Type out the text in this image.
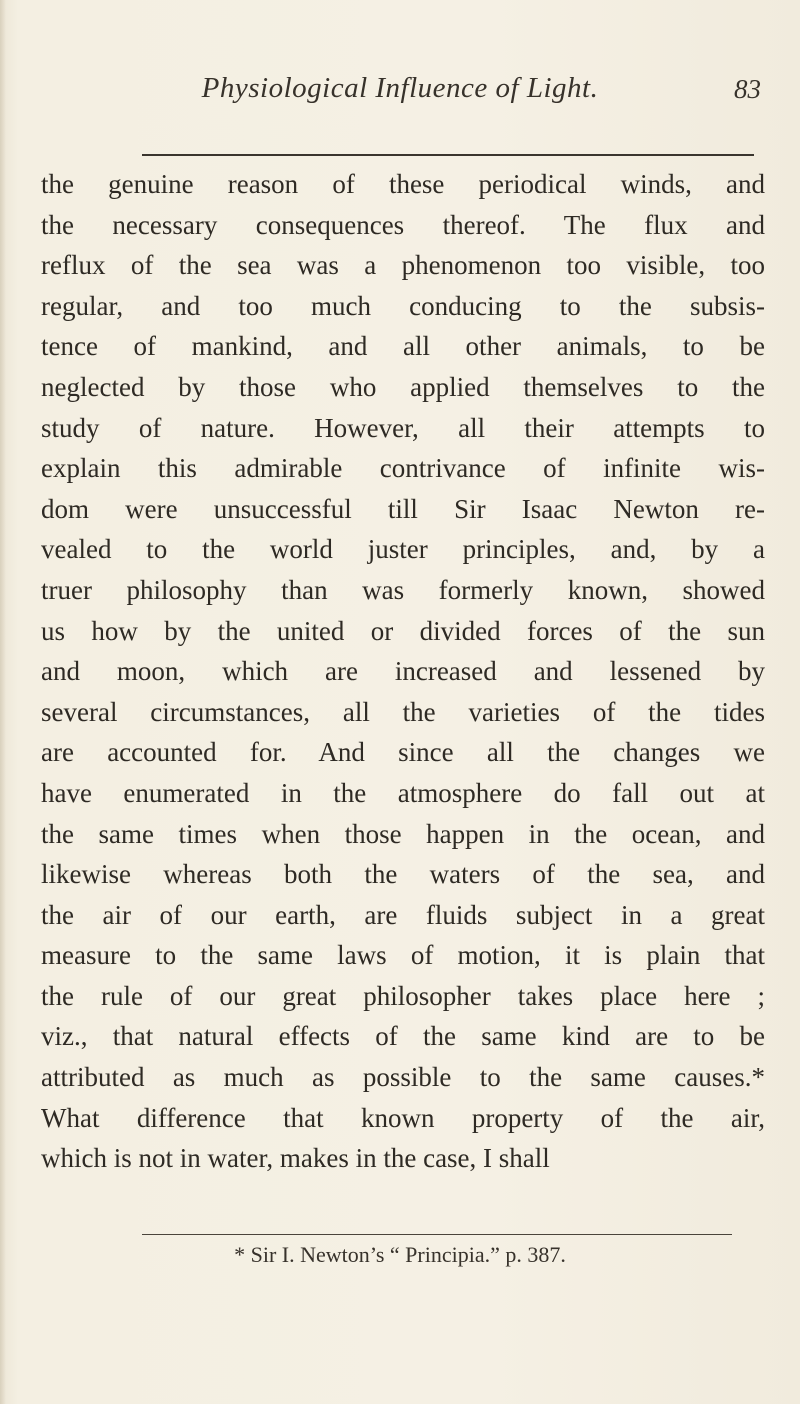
Physiological Influence of Light.	83
the genuine reason of these periodical winds, and
the necessary consequences thereof. The flux and
reflux of the sea was a phenomenon too visible, too
regular, and too much conducing to the subsis-
tence of mankind, and all other animals, to be
neglected by those who applied themselves to the
study of nature. However, all their attempts to
explain this admirable contrivance of infinite wis-
dom were unsuccessful till Sir Isaac Newton re-
vealed to the world juster principles, and, by a
truer philosophy than was formerly known, showed
us how by the united or divided forces of the sun
and moon, which are increased and lessened by
several circumstances, all the varieties of the tides
are accounted for. And since all the changes we
have enumerated in the atmosphere do fall out at
the same times when those happen in the ocean, and
likewise whereas both the waters of the sea, and
the air of our earth, are fluids subject in a great
measure to the same laws of motion, it is plain that
the rule of our great philosopher takes place here ;
viz., that natural effects of the same kind are to be
attributed as much as possible to the same causes.*
What difference that known property of the air,
which is not in water, makes in the case, I shall
* Sir I. Newton’s “ Principia.” p. 387.
